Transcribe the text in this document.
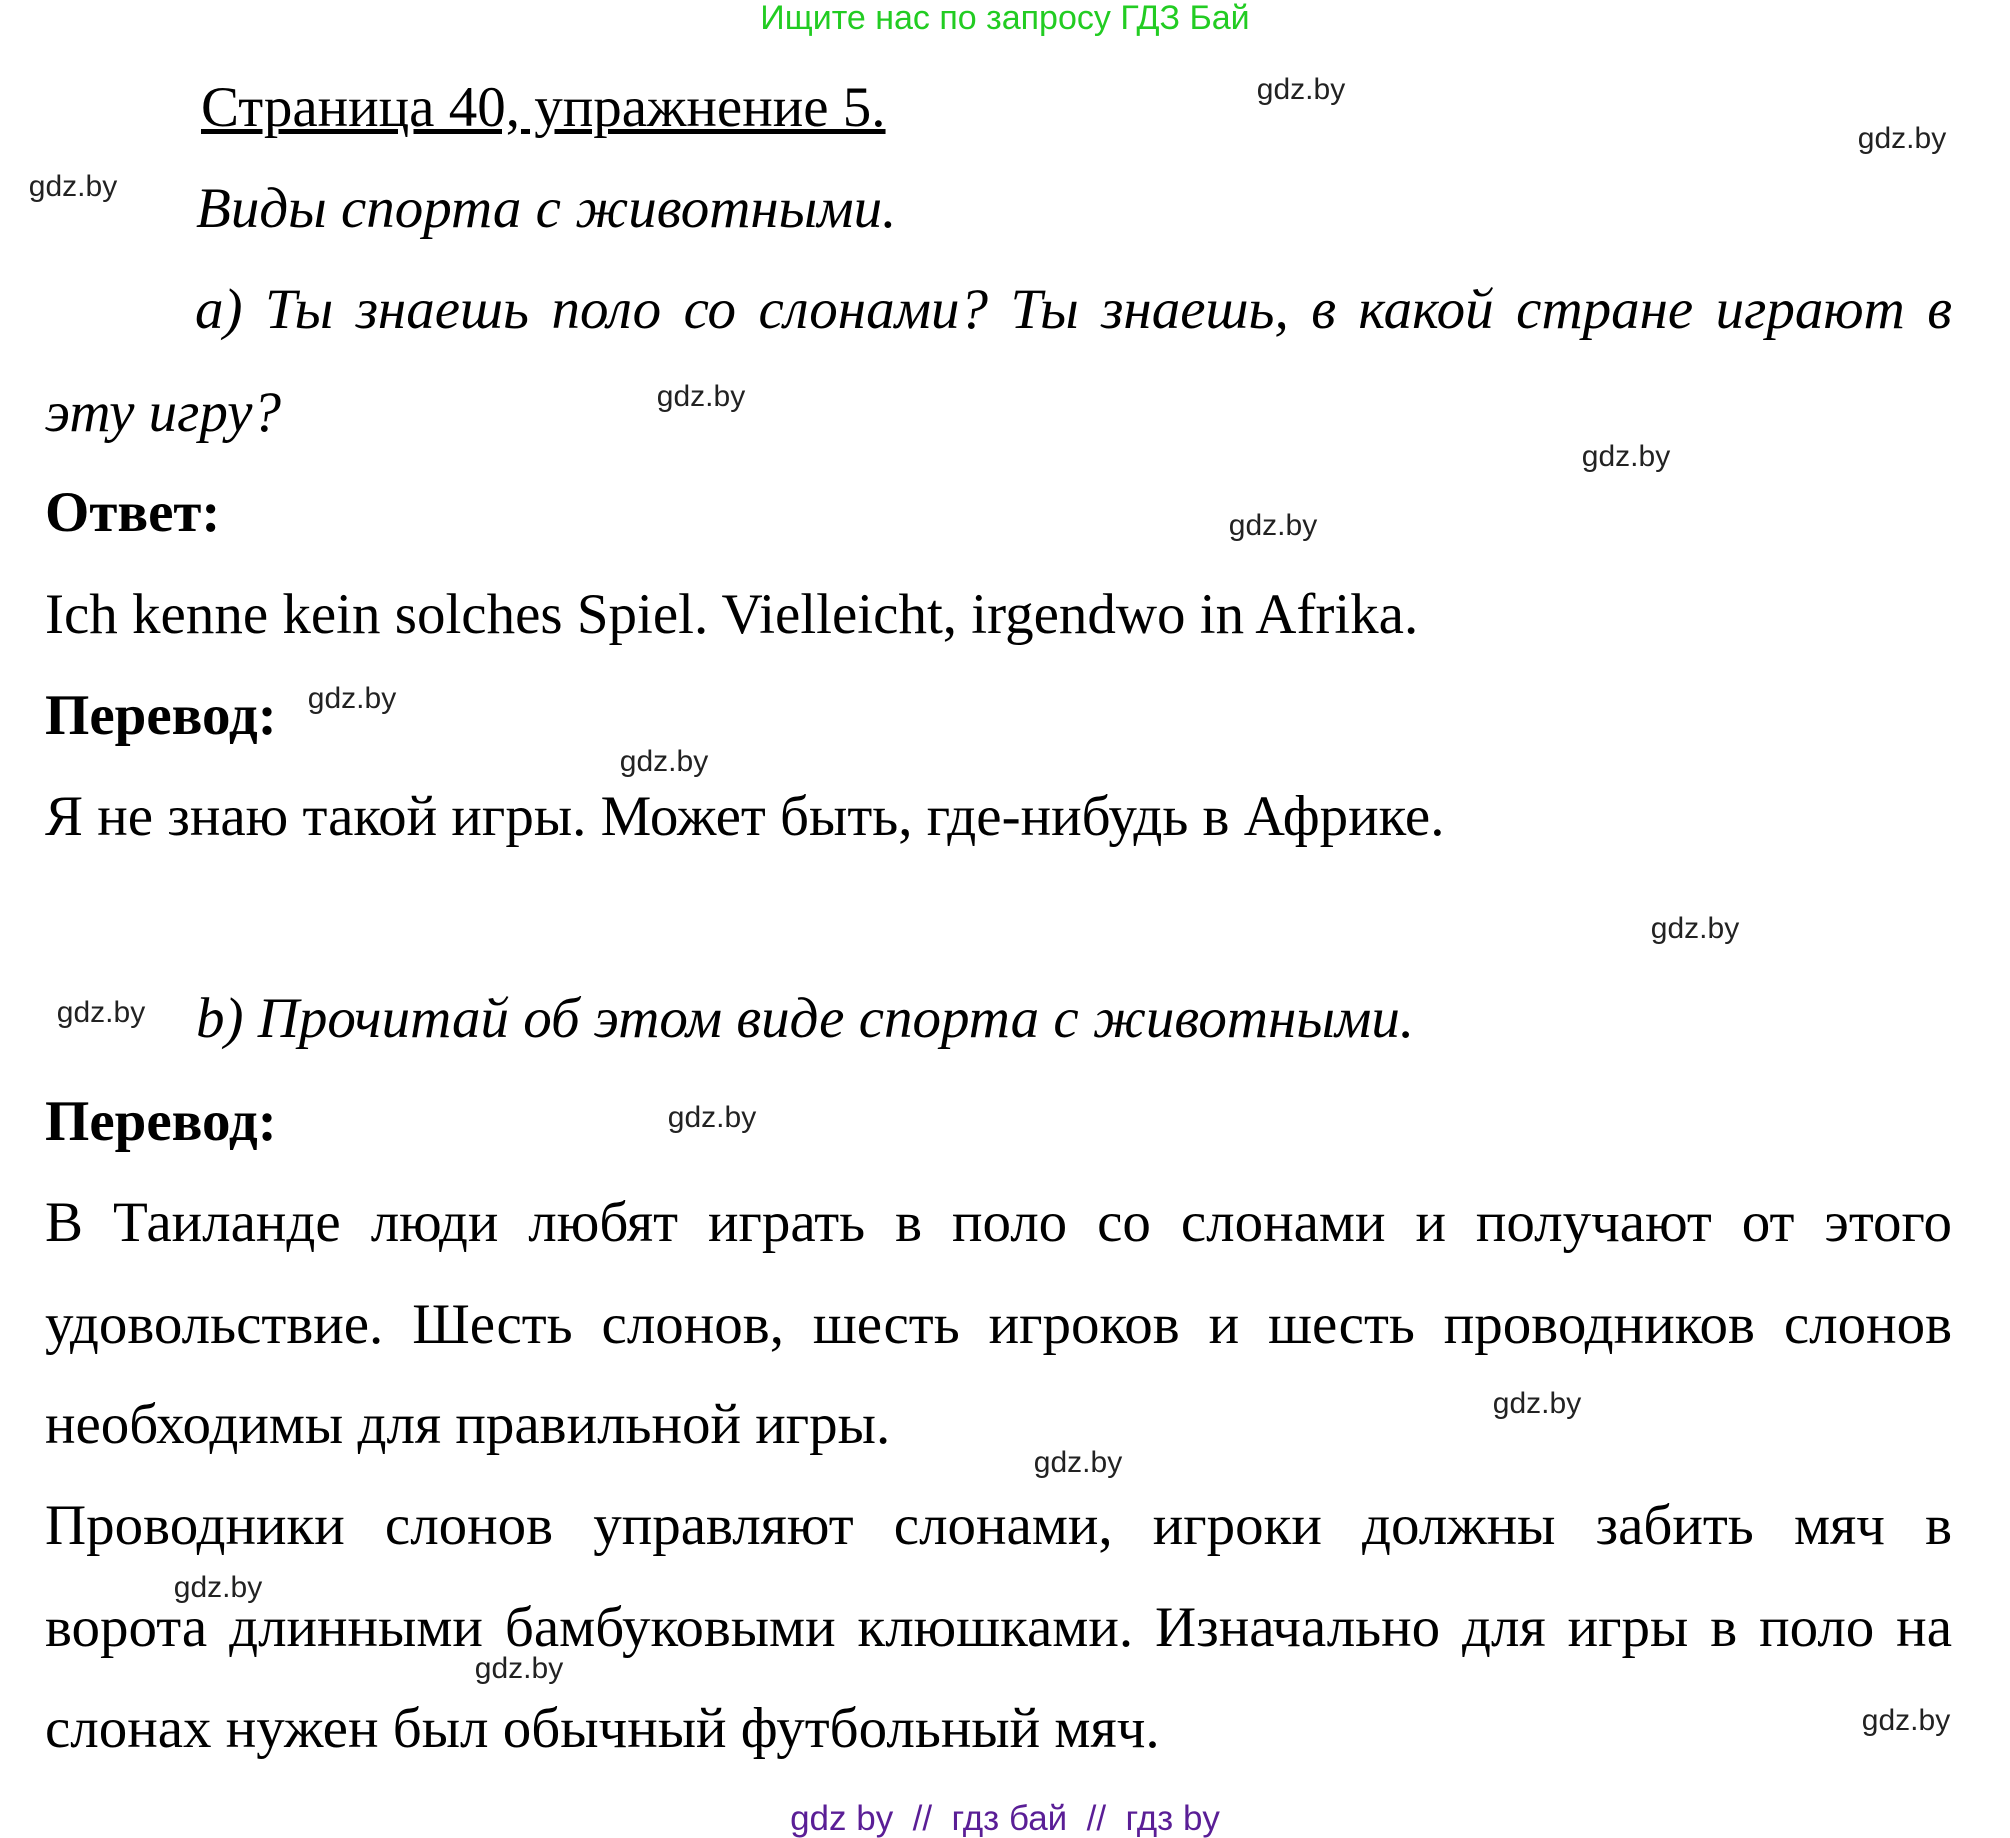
Ищите нас по запросу ГДЗ Бай
Страница 40, упражнение 5.
Виды спорта с животными.
а) Ты знаешь поло со слонами? Ты знаешь, в какой стране играют в
эту игру?
Ответ:
Ich kenne kein solches Spiel. Vielleicht, irgendwo in Afrika.
Перевод:
Я не знаю такой игры. Может быть, где-нибудь в Африке.
b) Прочитай об этом виде спорта с животными.
Перевод:
В Таиланде люди любят играть в поло со слонами и получают от этого
удовольствие. Шесть слонов, шесть игроков и шесть проводников слонов
необходимы для правильной игры.
Проводники слонов управляют слонами, игроки должны забить мяч в
ворота длинными бамбуковыми клюшками. Изначально для игры в поло на
слонах нужен был обычный футбольный мяч.
gdz.by
gdz.by
gdz.by
gdz.by
gdz.by
gdz.by
gdz.by
gdz.by
gdz.by
gdz.by
gdz.by
gdz.by
gdz.by
gdz.by
gdz.by
gdz.by
gdz by  //  гдз бай  //  гдз by
